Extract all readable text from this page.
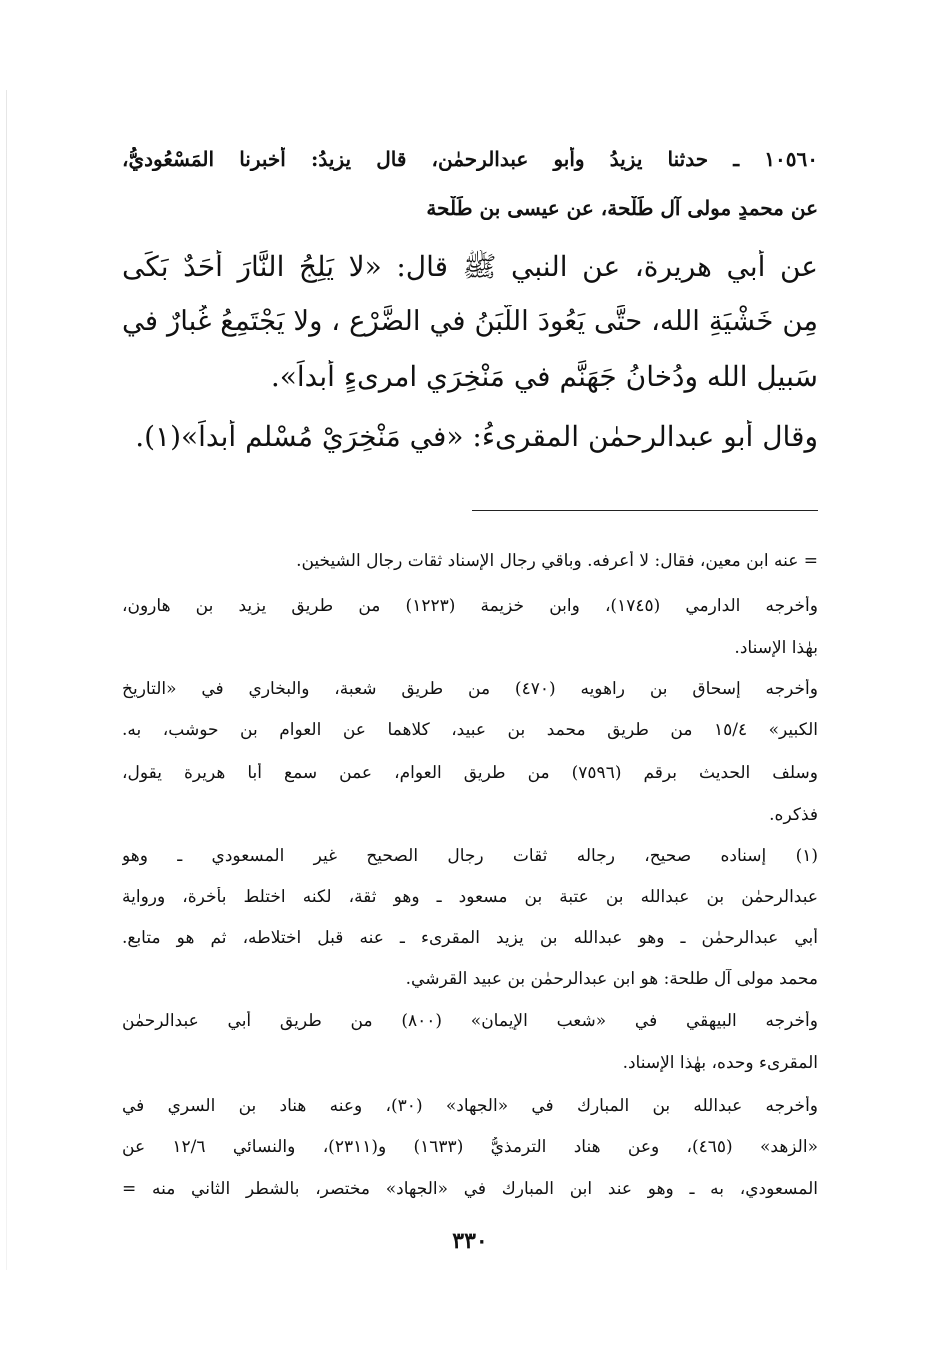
١٠٥٦٠ ـ حدثنا يزيدُ وأبو عبدالرحمٰن، قال يزيدُ: أخبرنا المَسْعُوديُّ،
عن محمدٍ مولى آل طَلْحة، عن عيسى بن طَلْحة
عن أبي هريرة، عن النبي ﷺ قال: «لا يَلِجُ النَّارَ أَحَدٌ بَكَى
مِن خَشْيَةِ الله، حتَّى يَعُودَ اللَّبَنُ في الضَّرْعِ ، ولا يَجْتَمِعُ غُبارٌ في
سَبيلِ الله ودُخانُ جَهَنَّم في مَنْخِرَي امرِىءٍ أبداً».
وقال أبو عبدالرحمٰن المقرىءُ: «في مَنْخِرَيْ مُسْلم أبداً»(١).
= عنه ابن معين، فقال: لا أعرفه. وباقي رجال الإسناد ثقات رجال الشيخين.
وأخرجه الدارمي (١٧٤٥)، وابن خزيمة (١٢٢٣) من طريق يزيد بن هارون،
بهٰذا الإسناد.
وأخرجه إسحاق بن راهويه (٤٧٠) من طريق شعبة، والبخاري في «التاريخ
الكبير» ١٥/٤ من طريق محمد بن عبيد، كلاهما عن العوام بن حوشب، به.
وسلف الحديث برقم (٧٥٩٦) من طريق العوام، عمن سمع أبا هريرة يقول،
فذكره.
(١) إسناده صحيح، رجاله ثقات رجال الصحيح غير المسعودي ـ وهو
عبدالرحمٰن بن عبدالله بن عتبة بن مسعود ـ وهو ثقة، لكنه اختلط بأخرة، ورواية
أبي عبدالرحمٰن ـ وهو عبدالله بن يزيد المقرىء ـ عنه قبل اختلاطه، ثم هو متابع.
محمد مولى آل طلحة: هو ابن عبدالرحمٰن بن عبيد القرشي.
وأخرجه البيهقي في «شعب الإيمان» (٨٠٠) من طريق أبي عبدالرحمٰن
المقرىء وحده، بهٰذا الإسناد.
وأخرجه عبدالله بن المبارك في «الجهاد» (٣٠)، وعنه هناد بن السري في
«الزهد» (٤٦٥)، وعن هناد الترمذيُّ (١٦٣٣) و(٢٣١١)، والنسائي ١٢/٦ عن
المسعودي، به ـ وهو عند ابن المبارك في «الجهاد» مختصر، بالشطر الثاني منه =
٣٣٠
